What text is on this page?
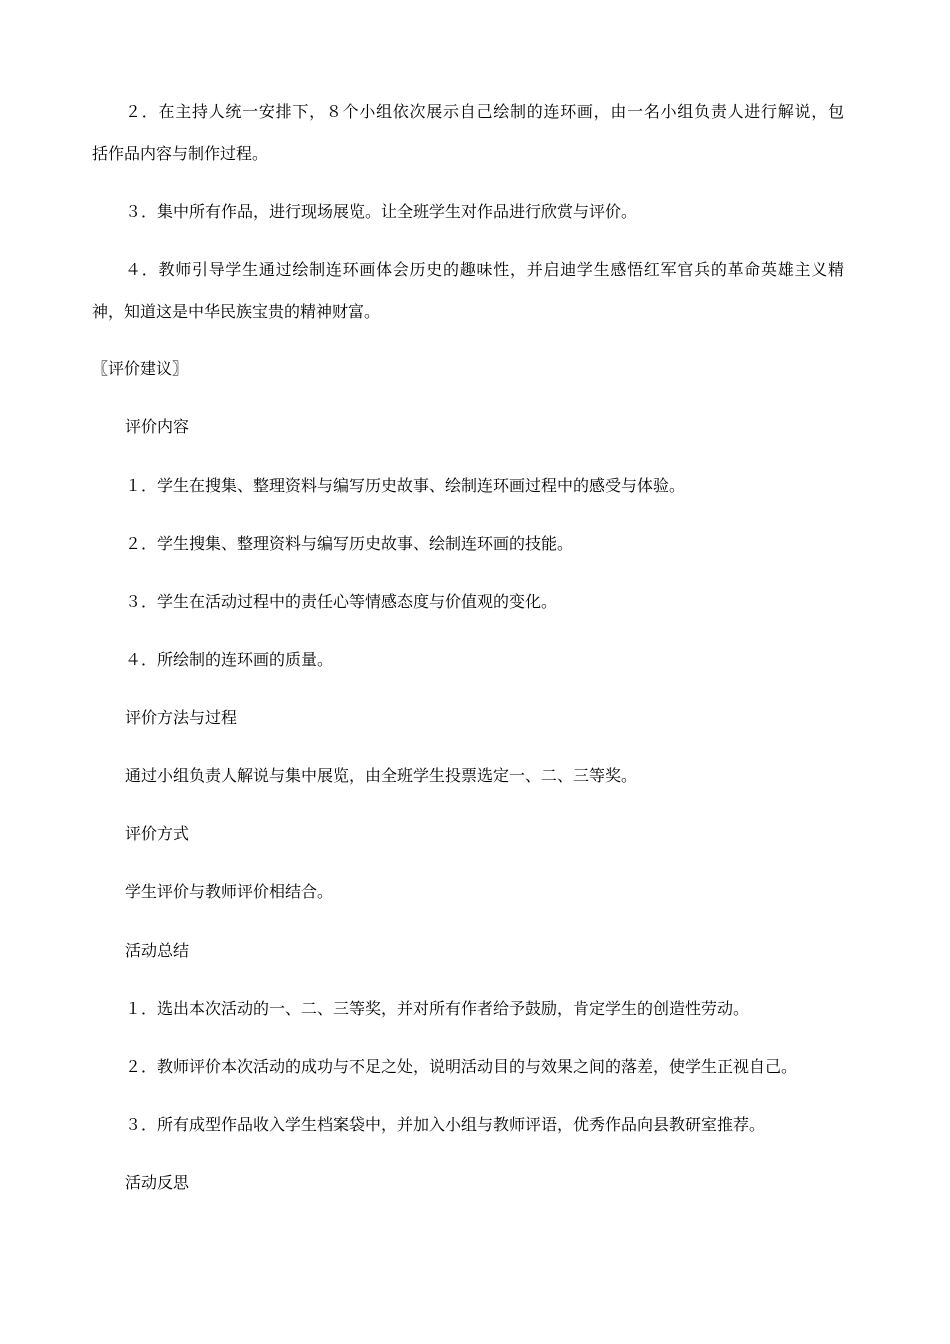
２．在主持人统一安排下，８个小组依次展示自己绘制的连环画，由一名小组负责人进行解说，包
括作品内容与制作过程。
３．集中所有作品，进行现场展览。让全班学生对作品进行欣赏与评价。
４．教师引导学生通过绘制连环画体会历史的趣味性，并启迪学生感悟红军官兵的革命英雄主义精
神，知道这是中华民族宝贵的精神财富。
〖评价建议〗
评价内容
１．学生在搜集、整理资料与编写历史故事、绘制连环画过程中的感受与体验。
２．学生搜集、整理资料与编写历史故事、绘制连环画的技能。
３．学生在活动过程中的责任心等情感态度与价值观的变化。
４．所绘制的连环画的质量。
评价方法与过程
通过小组负责人解说与集中展览，由全班学生投票选定一、二、三等奖。
评价方式
学生评价与教师评价相结合。
活动总结
１．选出本次活动的一、二、三等奖，并对所有作者给予鼓励，肯定学生的创造性劳动。
２．教师评价本次活动的成功与不足之处，说明活动目的与效果之间的落差，使学生正视自己。
３．所有成型作品收入学生档案袋中，并加入小组与教师评语，优秀作品向县教研室推荐。
活动反思
